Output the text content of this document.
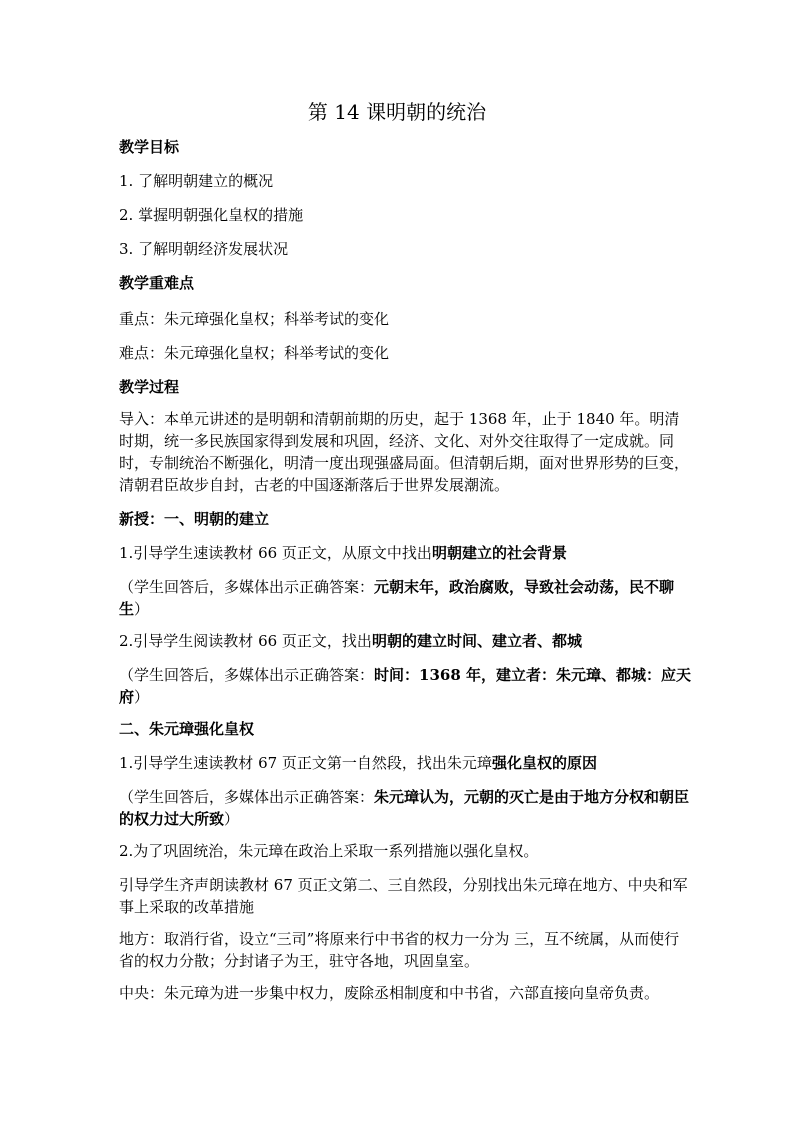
第 14 课明朝的统治
教学目标
1. 了解明朝建立的概况
2. 掌握明朝强化皇权的措施
3. 了解明朝经济发展状况
教学重难点
重点：朱元璋强化皇权；科举考试的变化
难点：朱元璋强化皇权；科举考试的变化
教学过程
导入：本单元讲述的是明朝和清朝前期的历史，起于 1368 年，止于 1840 年。明清时期，统一多民族国家得到发展和巩固，经济、文化、对外交往取得了一定成就。同时，专制统治不断强化，明清一度出现强盛局面。但清朝后期，面对世界形势的巨变，清朝君臣故步自封，古老的中国逐渐落后于世界发展潮流。
新授：一、明朝的建立
1.引导学生速读教材 66 页正文，从原文中找出明朝建立的社会背景
（学生回答后，多媒体出示正确答案：元朝末年，政治腐败，导致社会动荡，民不聊生）
2.引导学生阅读教材 66 页正文，找出明朝的建立时间、建立者、都城
（学生回答后，多媒体出示正确答案：时间：1368 年，建立者：朱元璋、都城：应天府）
二、朱元璋强化皇权
1.引导学生速读教材 67 页正文第一自然段，找出朱元璋强化皇权的原因
（学生回答后，多媒体出示正确答案：朱元璋认为，元朝的灭亡是由于地方分权和朝臣的权力过大所致）
2.为了巩固统治，朱元璋在政治上采取一系列措施以强化皇权。
引导学生齐声朗读教材 67 页正文第二、三自然段，分别找出朱元璋在地方、中央和军事上采取的改革措施
地方：取消行省，设立“三司”将原来行中书省的权力一分为 三，互不统属，从而使行省的权力分散；分封诸子为王，驻守各地，巩固皇室。
中央：朱元璋为进一步集中权力，废除丞相制度和中书省，六部直接向皇帝负责。
